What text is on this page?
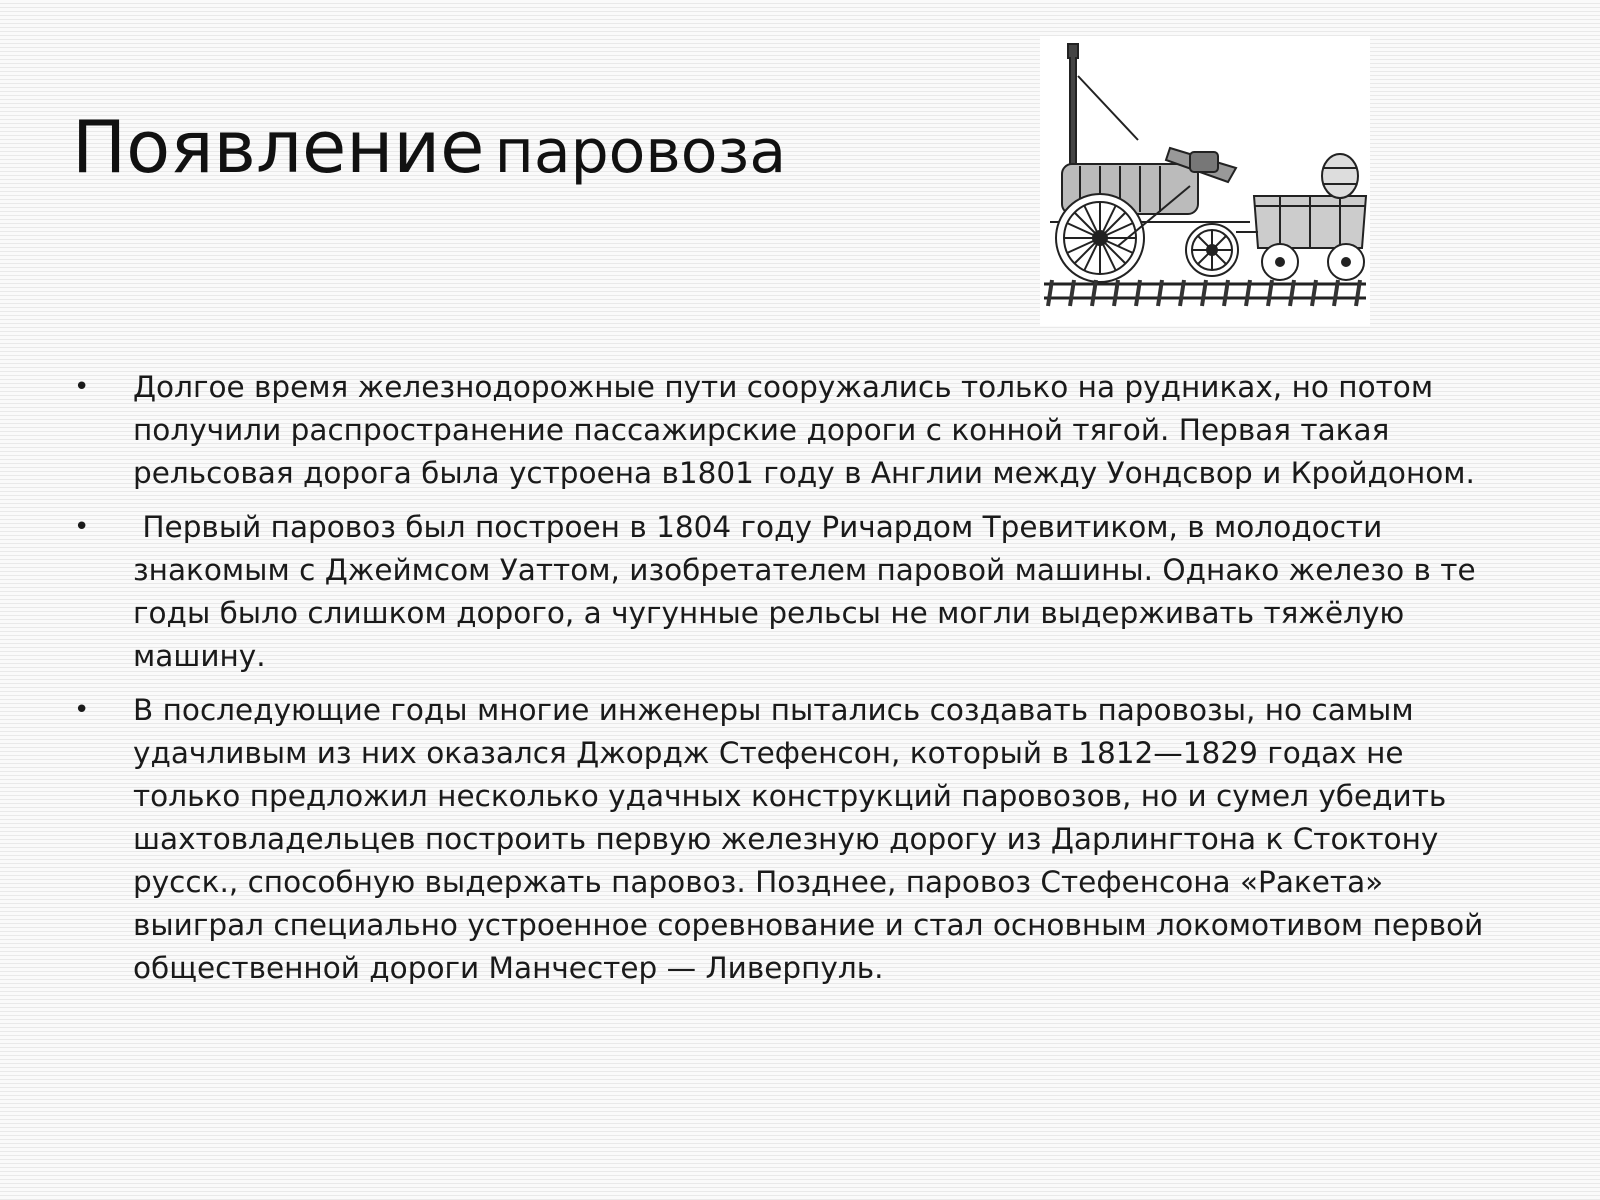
Появление паровоза
• Долгое время железнодорожные пути сооружались только на рудниках, но потом получили распространение пассажирские дороги с конной тягой. Первая такая рельсовая дорога была устроена в1801 году в Англии между Уондсвор и Кройдоном.
• Первый паровоз был построен в 1804 году Ричардом Тревитиком, в молодости знакомым с Джеймсом Уаттом, изобретателем паровой машины. Однако железо в те годы было слишком дорого, а чугунные рельсы не могли выдерживать тяжёлую машину.
• В последующие годы многие инженеры пытались создавать паровозы, но самым удачливым из них оказался Джордж Стефенсон, который в 1812—1829 годах не только предложил несколько удачных конструкций паровозов, но и сумел убедить шахтовладельцев построить первую железную дорогу из Дарлингтона к Стоктону русск., способную выдержать паровоз. Позднее, паровоз Стефенсона «Ракета» выиграл специально устроенное соревнование и стал основным локомотивом первой общественной дороги Манчестер — Ливерпуль.
